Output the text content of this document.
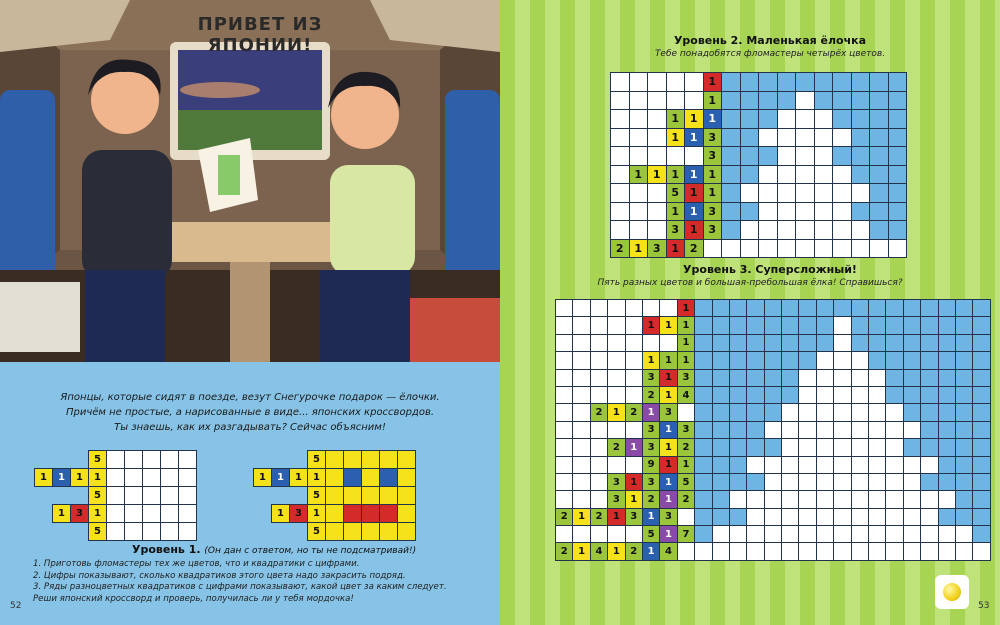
ПРИВЕТ ИЗ ЯПОНИИ!
Японцы, которые сидят в поезде, везут Снегурочке подарок — ёлочки.
Причём не простые, а нарисованные в виде... японских кроссвордов.
Ты знаешь, как их разгадывать? Сейчас объясним!
5
1	1	1	1
5
1	3	1
5
5
1	1	1	1
5
1	3	1
5
Уровень 1. (Он дан с ответом, но ты не подсматривай!)
1. Приготовь фломастеры тех же цветов, что и квадратики с цифрами.
2. Цифры показывают, сколько квадратиков этого цвета надо закрасить подряд.
3. Ряды разноцветных квадратиков с цифрами показывают, какой цвет за каким следует.
Реши японский кроссворд и проверь, получилась ли у тебя мордочка!
52
Уровень 2. Маленькая ёлочка
Тебе понадобятся фломастеры четырёх цветов.
1
1
1 1 1
1 1 3
3
1 1 1 1 1
5 1 1
1 1 3
3 1 3
2 1 3 1 2
Уровень 3. Суперсложный!
Пять разных цветов и большая-пребольшая ёлка! Справишься?
1
1	1	1
1
1	1	1
3	1	3
2	1	4
2	1	2	1	3
3	1	3
2	1	3	1	2
9	1	1
3	1	3	1	5
3	1	2	1	2
2	1	2	1	3	1	3
5	1	7
2	1	4	1	2	1	4
53
